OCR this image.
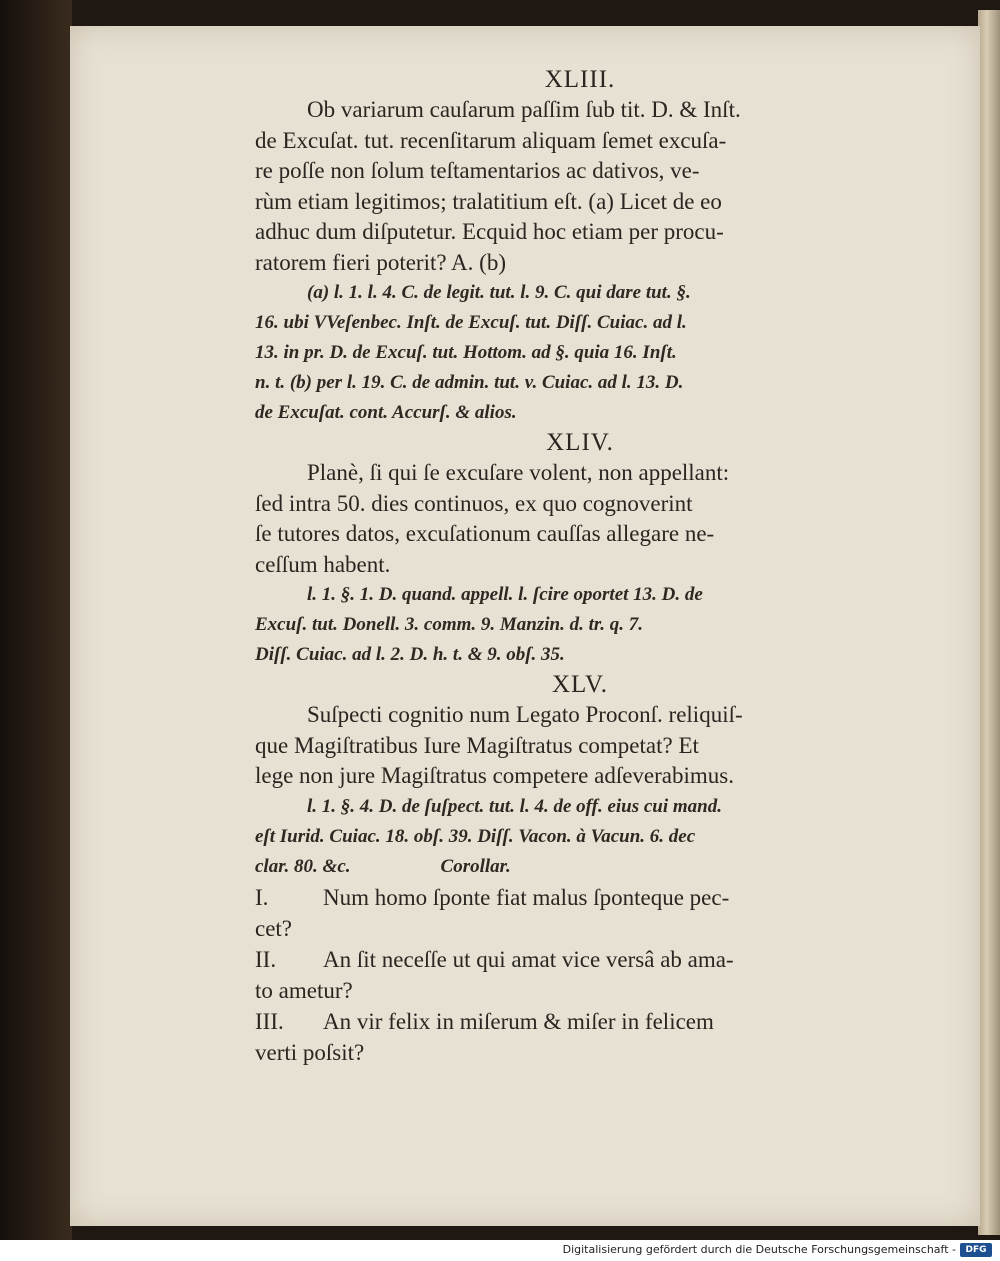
XLIII.

Ob variarum cauſarum paſſim ſub tit. D. & Inſt.
de Excuſat. tut. recenſitarum aliquam ſemet excuſa-
re poſſe non ſolum teſtamentarios ac dativos, ve-
rùm etiam legitimos; tralatitium eſt. (a) Licet de eo
adhuc dum diſputetur. Ecquid hoc etiam per procu-
ratorem fieri poterit? A. (b)

(a) l. 1. l. 4. C. de legit. tut. l. 9. C. qui dare tut. §.
16. ubi VVeſenbec. Inſt. de Excuſ. tut. Diſſ. Cuiac. ad l.
13. in pr. D. de Excuſ. tut. Hottom. ad §. quia 16. Inſt.
n. t. (b) per l. 19. C. de admin. tut. v. Cuiac. ad l. 13. D.
de Excuſat. cont. Accurſ. & alios.

XLIV.

Planè, ſi qui ſe excuſare volent, non appellant:
ſed intra 50. dies continuos, ex quo cognoverint
ſe tutores datos, excuſationum cauſſas allegare ne-
ceſſum habent.

l. 1. §. 1. D. quand. appell. l. ſcire oportet 13. D. de
Excuſ. tut. Donell. 3. comm. 9. Manzin. d. tr. q. 7.
Diſſ. Cuiac. ad l. 2. D. h. t. & 9. obſ. 35.

XLV.

Suſpecti cognitio num Legato Proconſ. reliquiſ-
que Magiſtratibus Iure Magiſtratus competat? Et
lege non jure Magiſtratus competere adſeverabimus.

l. 1. §. 4. D. de ſuſpect. tut. l. 4. de off. eius cui mand.
eſt Iurid. Cuiac. 18. obſ. 39. Diſſ. Vacon. à Vacun. 6. dec
clar. 80. &c.	Corollar.

I. Num homo ſponte fiat malus ſponteque pec-
cet?

II. An ſit neceſſe ut qui amat vice versâ ab ama-
to ametur?

III. An vir felix in miſerum & miſer in felicem
verti poſsit?

Digitalisierung gefördert durch die Deutsche Forschungsgemeinschaft -	DFG
